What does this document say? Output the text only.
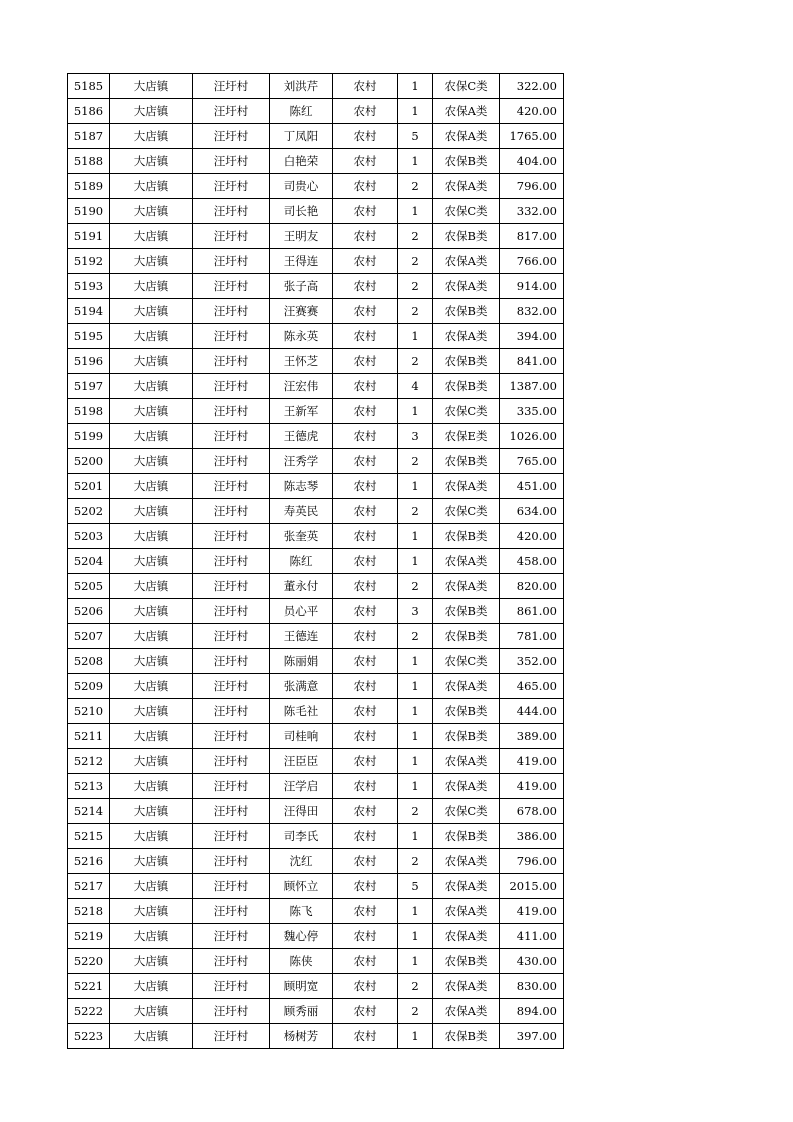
5185	大店镇	汪圩村	刘洪芹	农村	1	农保C类	322.00
5186	大店镇	汪圩村	陈红	农村	1	农保A类	420.00
5187	大店镇	汪圩村	丁凤阳	农村	5	农保A类	1765.00
5188	大店镇	汪圩村	白艳荣	农村	1	农保B类	404.00
5189	大店镇	汪圩村	司贵心	农村	2	农保A类	796.00
5190	大店镇	汪圩村	司长艳	农村	1	农保C类	332.00
5191	大店镇	汪圩村	王明友	农村	2	农保B类	817.00
5192	大店镇	汪圩村	王得连	农村	2	农保A类	766.00
5193	大店镇	汪圩村	张子高	农村	2	农保A类	914.00
5194	大店镇	汪圩村	汪赛赛	农村	2	农保B类	832.00
5195	大店镇	汪圩村	陈永英	农村	1	农保A类	394.00
5196	大店镇	汪圩村	王怀芝	农村	2	农保B类	841.00
5197	大店镇	汪圩村	汪宏伟	农村	4	农保B类	1387.00
5198	大店镇	汪圩村	王新军	农村	1	农保C类	335.00
5199	大店镇	汪圩村	王德虎	农村	3	农保E类	1026.00
5200	大店镇	汪圩村	汪秀学	农村	2	农保B类	765.00
5201	大店镇	汪圩村	陈志琴	农村	1	农保A类	451.00
5202	大店镇	汪圩村	寿英民	农村	2	农保C类	634.00
5203	大店镇	汪圩村	张奎英	农村	1	农保B类	420.00
5204	大店镇	汪圩村	陈红	农村	1	农保A类	458.00
5205	大店镇	汪圩村	董永付	农村	2	农保A类	820.00
5206	大店镇	汪圩村	员心平	农村	3	农保B类	861.00
5207	大店镇	汪圩村	王德连	农村	2	农保B类	781.00
5208	大店镇	汪圩村	陈丽娟	农村	1	农保C类	352.00
5209	大店镇	汪圩村	张满意	农村	1	农保A类	465.00
5210	大店镇	汪圩村	陈毛社	农村	1	农保B类	444.00
5211	大店镇	汪圩村	司桂响	农村	1	农保B类	389.00
5212	大店镇	汪圩村	汪臣臣	农村	1	农保A类	419.00
5213	大店镇	汪圩村	汪学启	农村	1	农保A类	419.00
5214	大店镇	汪圩村	汪得田	农村	2	农保C类	678.00
5215	大店镇	汪圩村	司李氏	农村	1	农保B类	386.00
5216	大店镇	汪圩村	沈红	农村	2	农保A类	796.00
5217	大店镇	汪圩村	顾怀立	农村	5	农保A类	2015.00
5218	大店镇	汪圩村	陈飞	农村	1	农保A类	419.00
5219	大店镇	汪圩村	魏心停	农村	1	农保A类	411.00
5220	大店镇	汪圩村	陈侠	农村	1	农保B类	430.00
5221	大店镇	汪圩村	顾明宽	农村	2	农保A类	830.00
5222	大店镇	汪圩村	顾秀丽	农村	2	农保A类	894.00
5223	大店镇	汪圩村	杨树芳	农村	1	农保B类	397.00
